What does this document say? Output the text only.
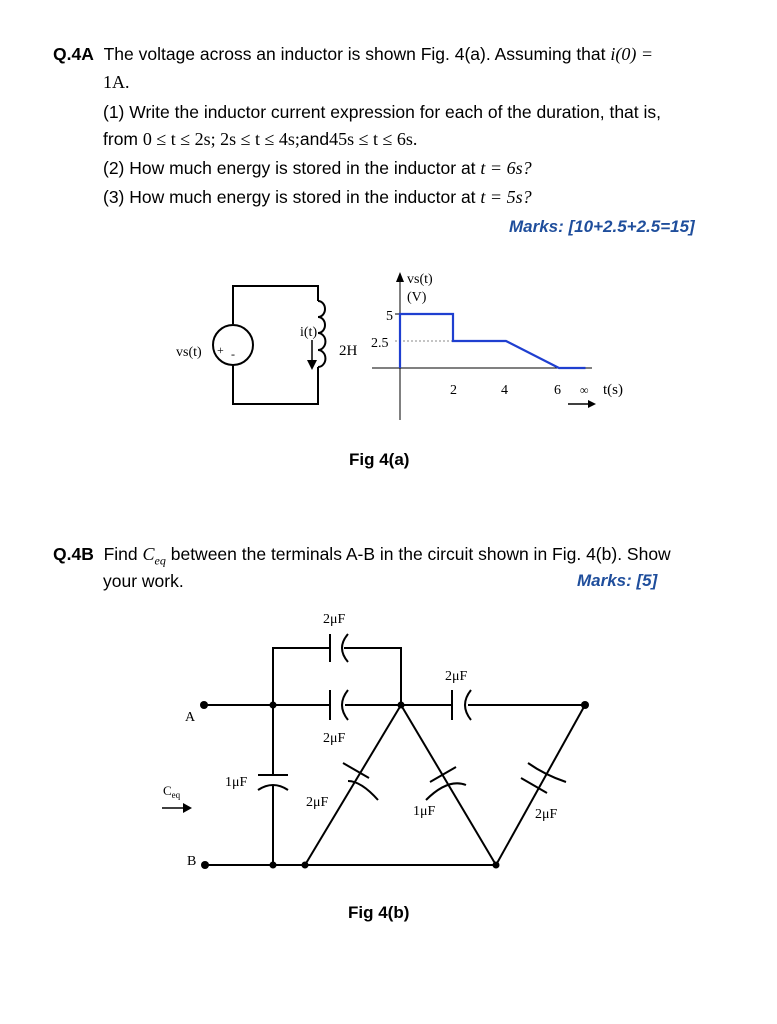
Q.4A The voltage across an inductor is shown Fig. 4(a). Assuming that i(0) =
1A.
(1) Write the inductor current expression for each of the duration, that is,
from 0 ≤ t ≤ 2s; 2s ≤ t ≤ 4s;and45s ≤ t ≤ 6s.
(2) How much energy is stored in the inductor at t = 6s?
(3) How much energy is stored in the inductor at t = 5s?
Marks: [10+2.5+2.5=15]
vs(t) + -
i(t)
2H
vs(t)
(V)
5
2.5
2	4	6 ∞ t(s)
A
B
$C_{eq}$
2μF
2μF
2μF
1μF
2μF
1μF	2μF
Fig 4(a)
Q.4B Find $C_{eq}$ between the terminals A-B in the circuit shown in Fig. 4(b). Show
your work.	Marks: [5]
Fig 4(b)
